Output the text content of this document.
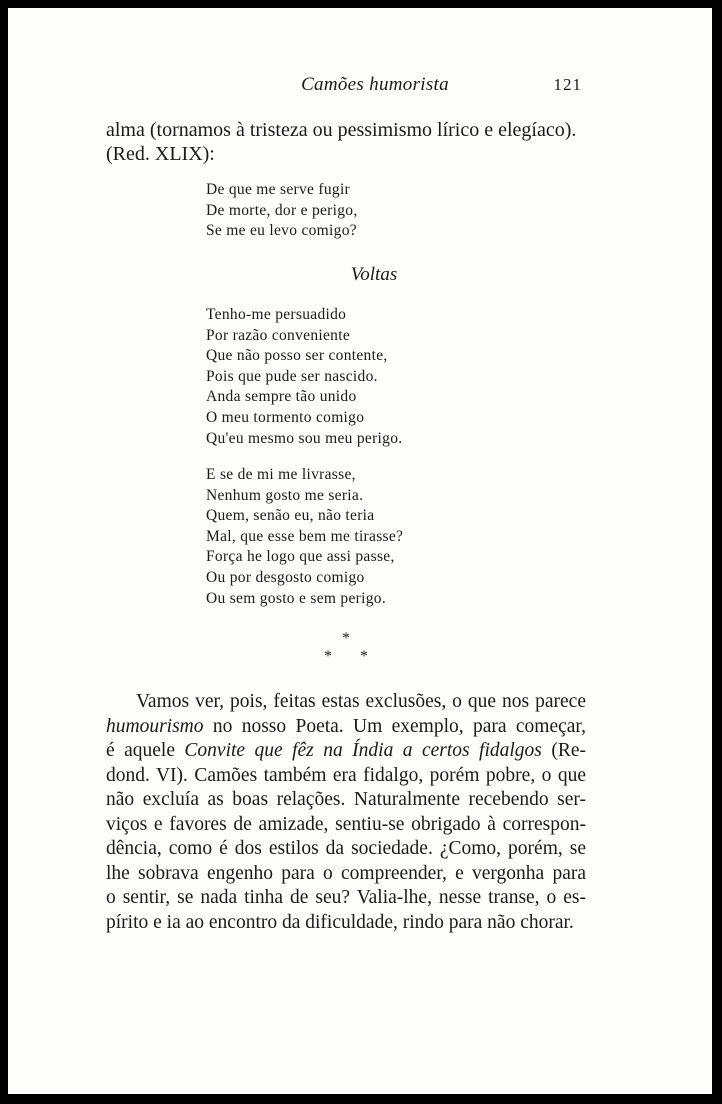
Camões humorista	121

alma (tornamos à tristeza ou pessimismo lírico e elegíaco).

(Red. XLIX):

De que me serve fugir
De morte, dor e perigo,
Se me eu levo comigo?
Voltas
Tenho-me persuadido
Por razão conveniente
Que não posso ser contente,
Pois que pude ser nascido.
Anda sempre tão unido
O meu tormento comigo
Qu'eu mesmo sou meu perigo.
E se de mi me livrasse,
Nenhum gosto me seria.
Quem, senão eu, não teria
Mal, que esse bem me tirasse?
Força he logo que assi passe,
Ou por desgosto comigo
Ou sem gosto e sem perigo.
*
* *
Vamos ver, pois, feitas estas exclusões, o que nos parece
humourismo no nosso Poeta. Um exemplo, para começar,
é aquele Convite que fêz na Índia a certos fidalgos (Re-
dond. VI). Camões também era fidalgo, porém pobre, o que
não excluía as boas relações. Naturalmente recebendo ser-
viços e favores de amizade, sentiu-se obrigado à correspon-
dência, como é dos estilos da sociedade. ¿Como, porém, se
lhe sobrava engenho para o compreender, e vergonha para
o sentir, se nada tinha de seu? Valia-lhe, nesse transe, o es-
pírito e ia ao encontro da dificuldade, rindo para não chorar.
